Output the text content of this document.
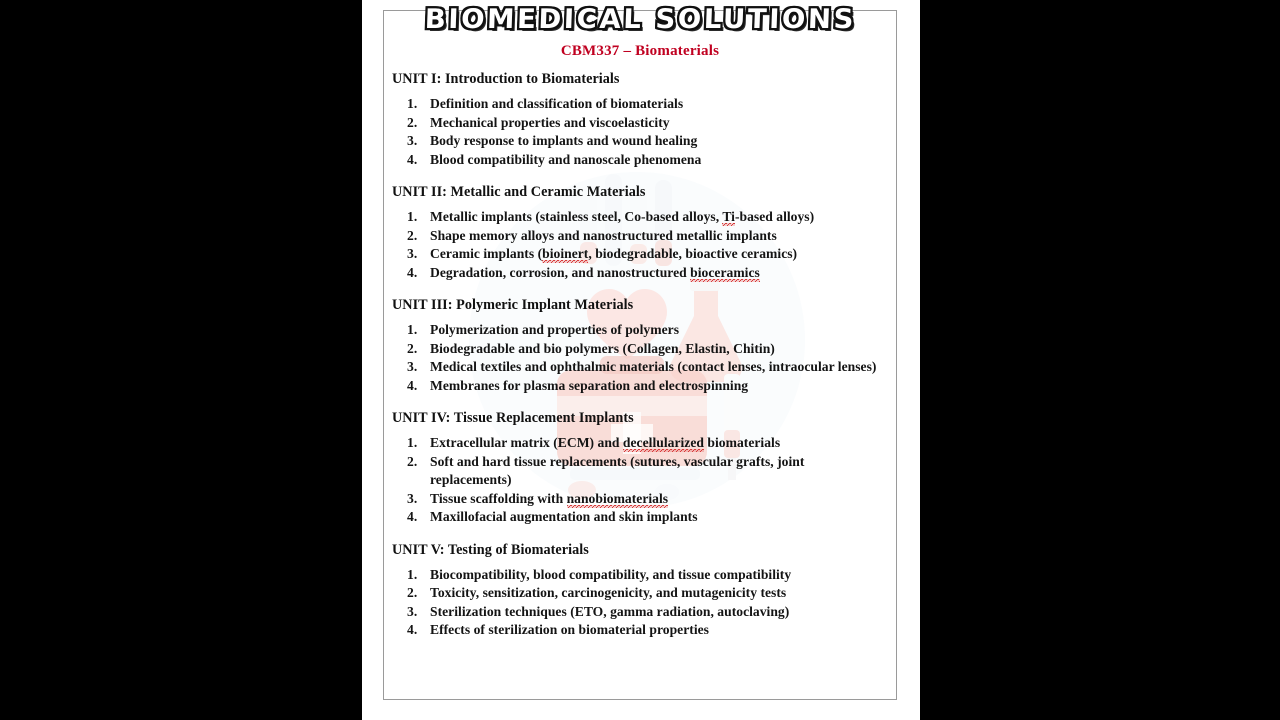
BIOMEDICAL SOLUTIONS
CBM337 – Biomaterials
UNIT I: Introduction to Biomaterials
1. Definition and classification of biomaterials
2. Mechanical properties and viscoelasticity
3. Body response to implants and wound healing
4. Blood compatibility and nanoscale phenomena
UNIT II: Metallic and Ceramic Materials
1. Metallic implants (stainless steel, Co-based alloys, Ti-based alloys)
2. Shape memory alloys and nanostructured metallic implants
3. Ceramic implants (bioinert, biodegradable, bioactive ceramics)
4. Degradation, corrosion, and nanostructured bioceramics
UNIT III: Polymeric Implant Materials
1. Polymerization and properties of polymers
2. Biodegradable and bio polymers (Collagen, Elastin, Chitin)
3. Medical textiles and ophthalmic materials (contact lenses, intraocular lenses)
4. Membranes for plasma separation and electrospinning
UNIT IV: Tissue Replacement Implants
1. Extracellular matrix (ECM) and decellularized biomaterials
2. Soft and hard tissue replacements (sutures, vascular grafts, joint replacements)
3. Tissue scaffolding with nanobiomaterials
4. Maxillofacial augmentation and skin implants
UNIT V: Testing of Biomaterials
1. Biocompatibility, blood compatibility, and tissue compatibility
2. Toxicity, sensitization, carcinogenicity, and mutagenicity tests
3. Sterilization techniques (ETO, gamma radiation, autoclaving)
4. Effects of sterilization on biomaterial properties
